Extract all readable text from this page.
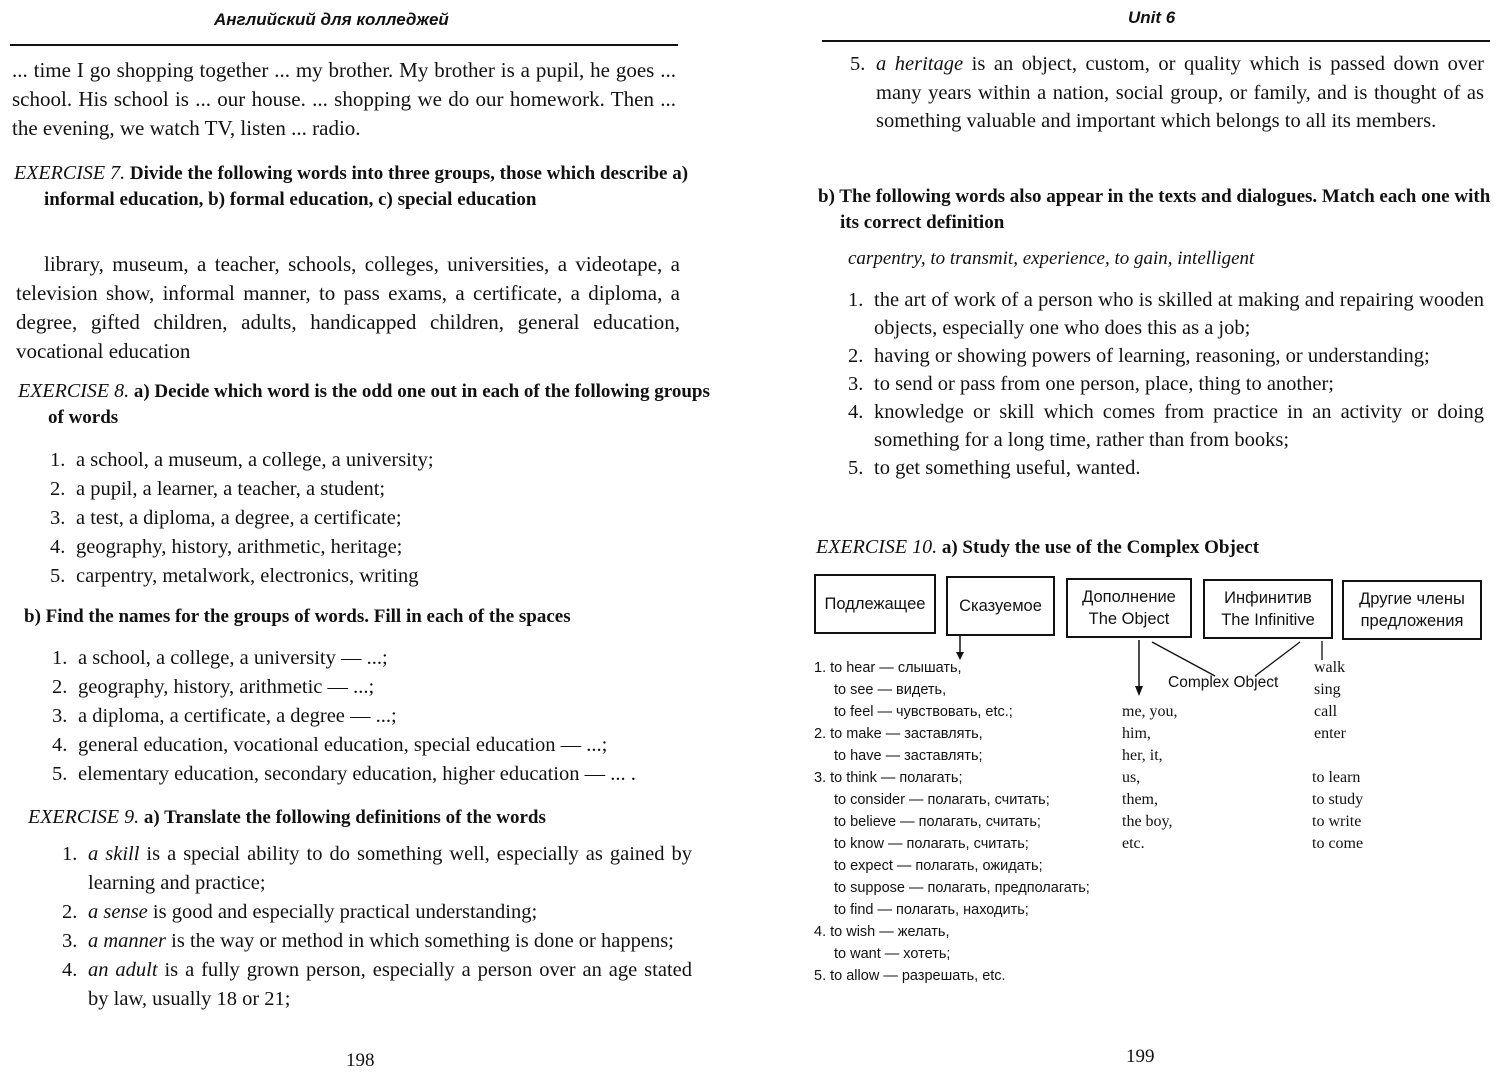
Английский для колледжей
... time I go shopping together ... my brother. My brother is a pupil, he goes ... school. His school is ... our house. ... shopping we do our homework. Then ... the evening, we watch TV, listen ... radio.
EXERCISE 7. Divide the following words into three groups, those which describe a) informal education, b) formal education, c) special education
library, museum, a teacher, schools, colleges, universities, a videotape, a television show, informal manner, to pass exams, a certificate, a diploma, a degree, gifted children, adults, handicapped children, general education, vocational education
EXERCISE 8. a) Decide which word is the odd one out in each of the following groups of words
1. a school, a museum, a college, a university;
2. a pupil, a learner, a teacher, a student;
3. a test, a diploma, a degree, a certificate;
4. geography, history, arithmetic, heritage;
5. carpentry, metalwork, electronics, writing
b) Find the names for the groups of words. Fill in each of the spaces
1. a school, a college, a university — ...;
2. geography, history, arithmetic — ...;
3. a diploma, a certificate, a degree — ...;
4. general education, vocational education, special education — ...;
5. elementary education, secondary education, higher education — ... .
EXERCISE 9. a) Translate the following definitions of the words
1. a skill is a special ability to do something well, especially as gained by learning and practice;
2. a sense is good and especially practical understanding;
3. a manner is the way or method in which something is done or happens;
4. an adult is a fully grown person, especially a person over an age stated by law, usually 18 or 21;
198
Unit 6
5. a heritage is an object, custom, or quality which is passed down over many years within a nation, social group, or family, and is thought of as something valuable and important which belongs to all its members.
b) The following words also appear in the texts and dialogues. Match each one with its correct definition
carpentry, to transmit, experience, to gain, intelligent
1. the art of work of a person who is skilled at making and repairing wooden objects, especially one who does this as a job;
2. having or showing powers of learning, reasoning, or understanding;
3. to send or pass from one person, place, thing to another;
4. knowledge or skill which comes from practice in an activity or doing something for a long time, rather than from books;
5. to get something useful, wanted.
EXERCISE 10. a) Study the use of the Complex Object
Подлежащее Сказуемое Дополнение
The Object
Инфинитив
The Infinitive
Другие члены
предложения
Complex Object
1. to hear — слышать,
to see — видеть,
to feel — чувствовать, etc.;
2. to make — заставлять,
to have — заставлять;
3. to think — полагать;
to consider — полагать, считать;
to believe — полагать, считать;
to know — полагать, считать;
to expect — полагать, ожидать;
to suppose — полагать, предполагать;
to find — полагать, находить;
4. to wish — желать,
to want — хотеть;
5. to allow — разрешать, etc.
me, you,
him,
her, it,
us,
them,
the boy,
etc.
walk
sing
call
enter
to learn
to study
to write
to come
199
